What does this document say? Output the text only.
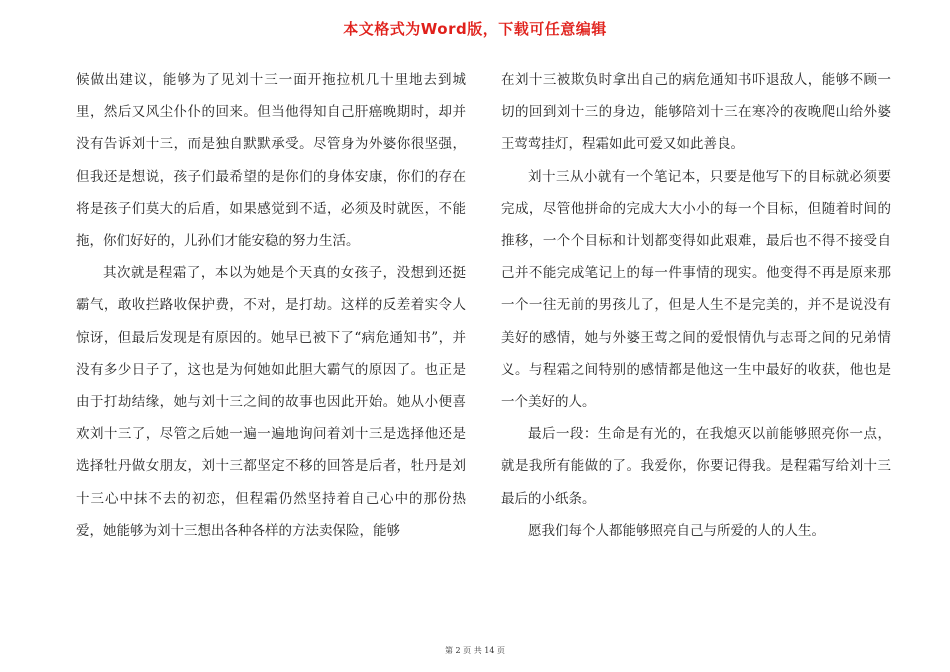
本文格式为Word版，下载可任意编辑

候做出建议，能够为了见刘十三一面开拖拉机几十里地去到城里，然后又风尘仆仆的回来。但当他得知自己肝癌晚期时，却并没有告诉刘十三，而是独自默默承受。尽管身为外婆你很坚强，但我还是想说，孩子们最希望的是你们的身体安康，你们的存在将是孩子们莫大的后盾，如果感觉到不适，必须及时就医，不能拖，你们好好的，儿孙们才能安稳的努力生活。

其次就是程霜了，本以为她是个天真的女孩子，没想到还挺霸气，敢收拦路收保护费，不对，是打劫。这样的反差着实令人惊讶，但最后发现是有原因的。她早已被下了“病危通知书”，并没有多少日子了，这也是为何她如此胆大霸气的原因了。也正是由于打劫结缘，她与刘十三之间的故事也因此开始。她从小便喜欢刘十三了，尽管之后她一遍一遍地询问着刘十三是选择他还是选择牡丹做女朋友，刘十三都坚定不移的回答是后者，牡丹是刘十三心中抹不去的初恋，但程霜仍然坚持着自己心中的那份热爱，她能够为刘十三想出各种各样的方法卖保险，能够

在刘十三被欺负时拿出自己的病危通知书吓退敌人，能够不顾一切的回到刘十三的身边，能够陪刘十三在寒冷的夜晚爬山给外婆王莺莺挂灯，程霜如此可爱又如此善良。

刘十三从小就有一个笔记本，只要是他写下的目标就必须要完成，尽管他拼命的完成大大小小的每一个目标，但随着时间的推移，一个个目标和计划都变得如此艰难，最后也不得不接受自己并不能完成笔记上的每一件事情的现实。他变得不再是原来那一个一往无前的男孩儿了，但是人生不是完美的，并不是说没有美好的感情，她与外婆王莺之间的爱恨情仇与志哥之间的兄弟情义。与程霜之间特别的感情都是他这一生中最好的收获，他也是一个美好的人。

最后一段：生命是有光的，在我熄灭以前能够照亮你一点，就是我所有能做的了。我爱你，你要记得我。是程霜写给刘十三最后的小纸条。

愿我们每个人都能够照亮自己与所爱的人的人生。

第 2 页 共 14 页
